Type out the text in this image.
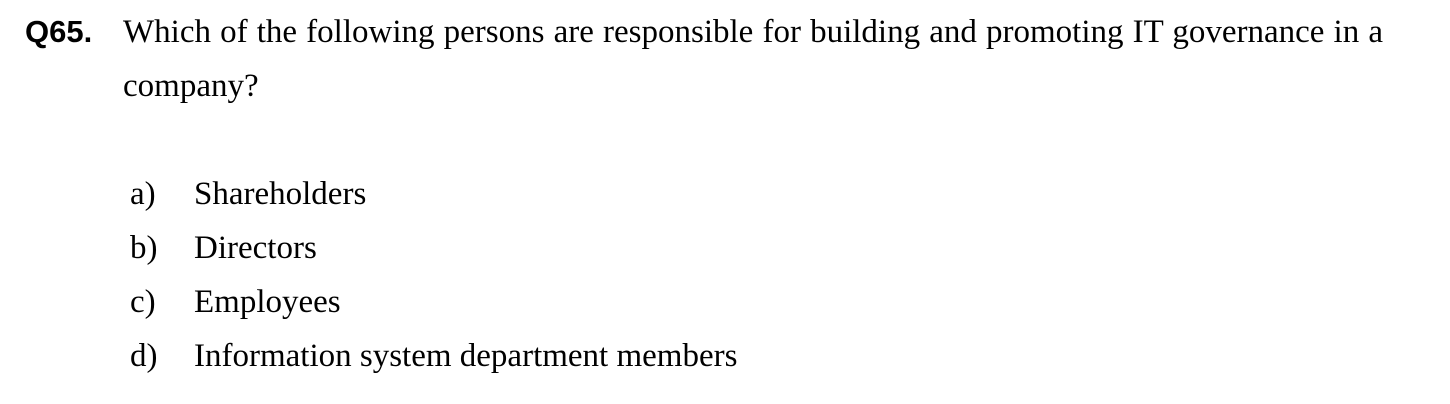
Q65. Which of the following persons are responsible for building and promoting IT governance in a company?
a)	Shareholders
b)	Directors
c)	Employees
d)	Information system department members
